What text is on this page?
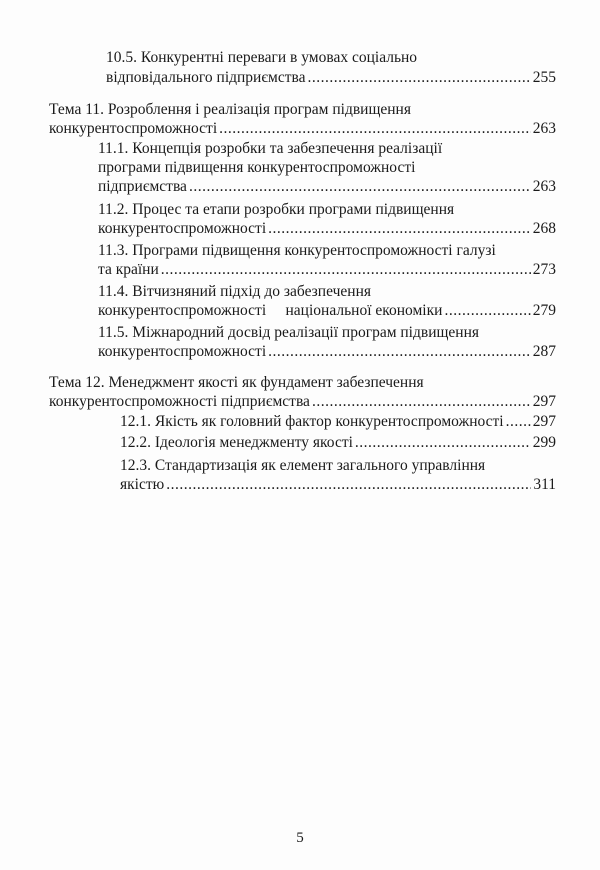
10.5. Конкурентні переваги в умовах соціально
відповідального підприємства .....	255
Тема 11. Розроблення і реалізація програм підвищення
конкурентоспроможності .....	263
11.1. Концепція розробки та забезпечення реалізації
програми підвищення конкурентоспроможності
підприємства .....	263
11.2. Процес та етапи розробки програми підвищення
конкурентоспроможності .....	268
11.3. Програми підвищення конкурентоспроможності галузі
та країни .....	273
11.4. Вітчизняний підхід до забезпечення
конкурентоспроможності     національної економіки .....	279
11.5. Міжнародний досвід реалізації програм підвищення
конкурентоспроможності .....	287
Тема 12. Менеджмент якості як фундамент забезпечення
конкурентоспроможності підприємства .....	297
12.1. Якість як головний фактор конкурентоспроможності ..... 297
12.2. Ідеологія менеджменту якості .....	299
12.3. Стандартизація як елемент загального управління
якістю .....	311
5
